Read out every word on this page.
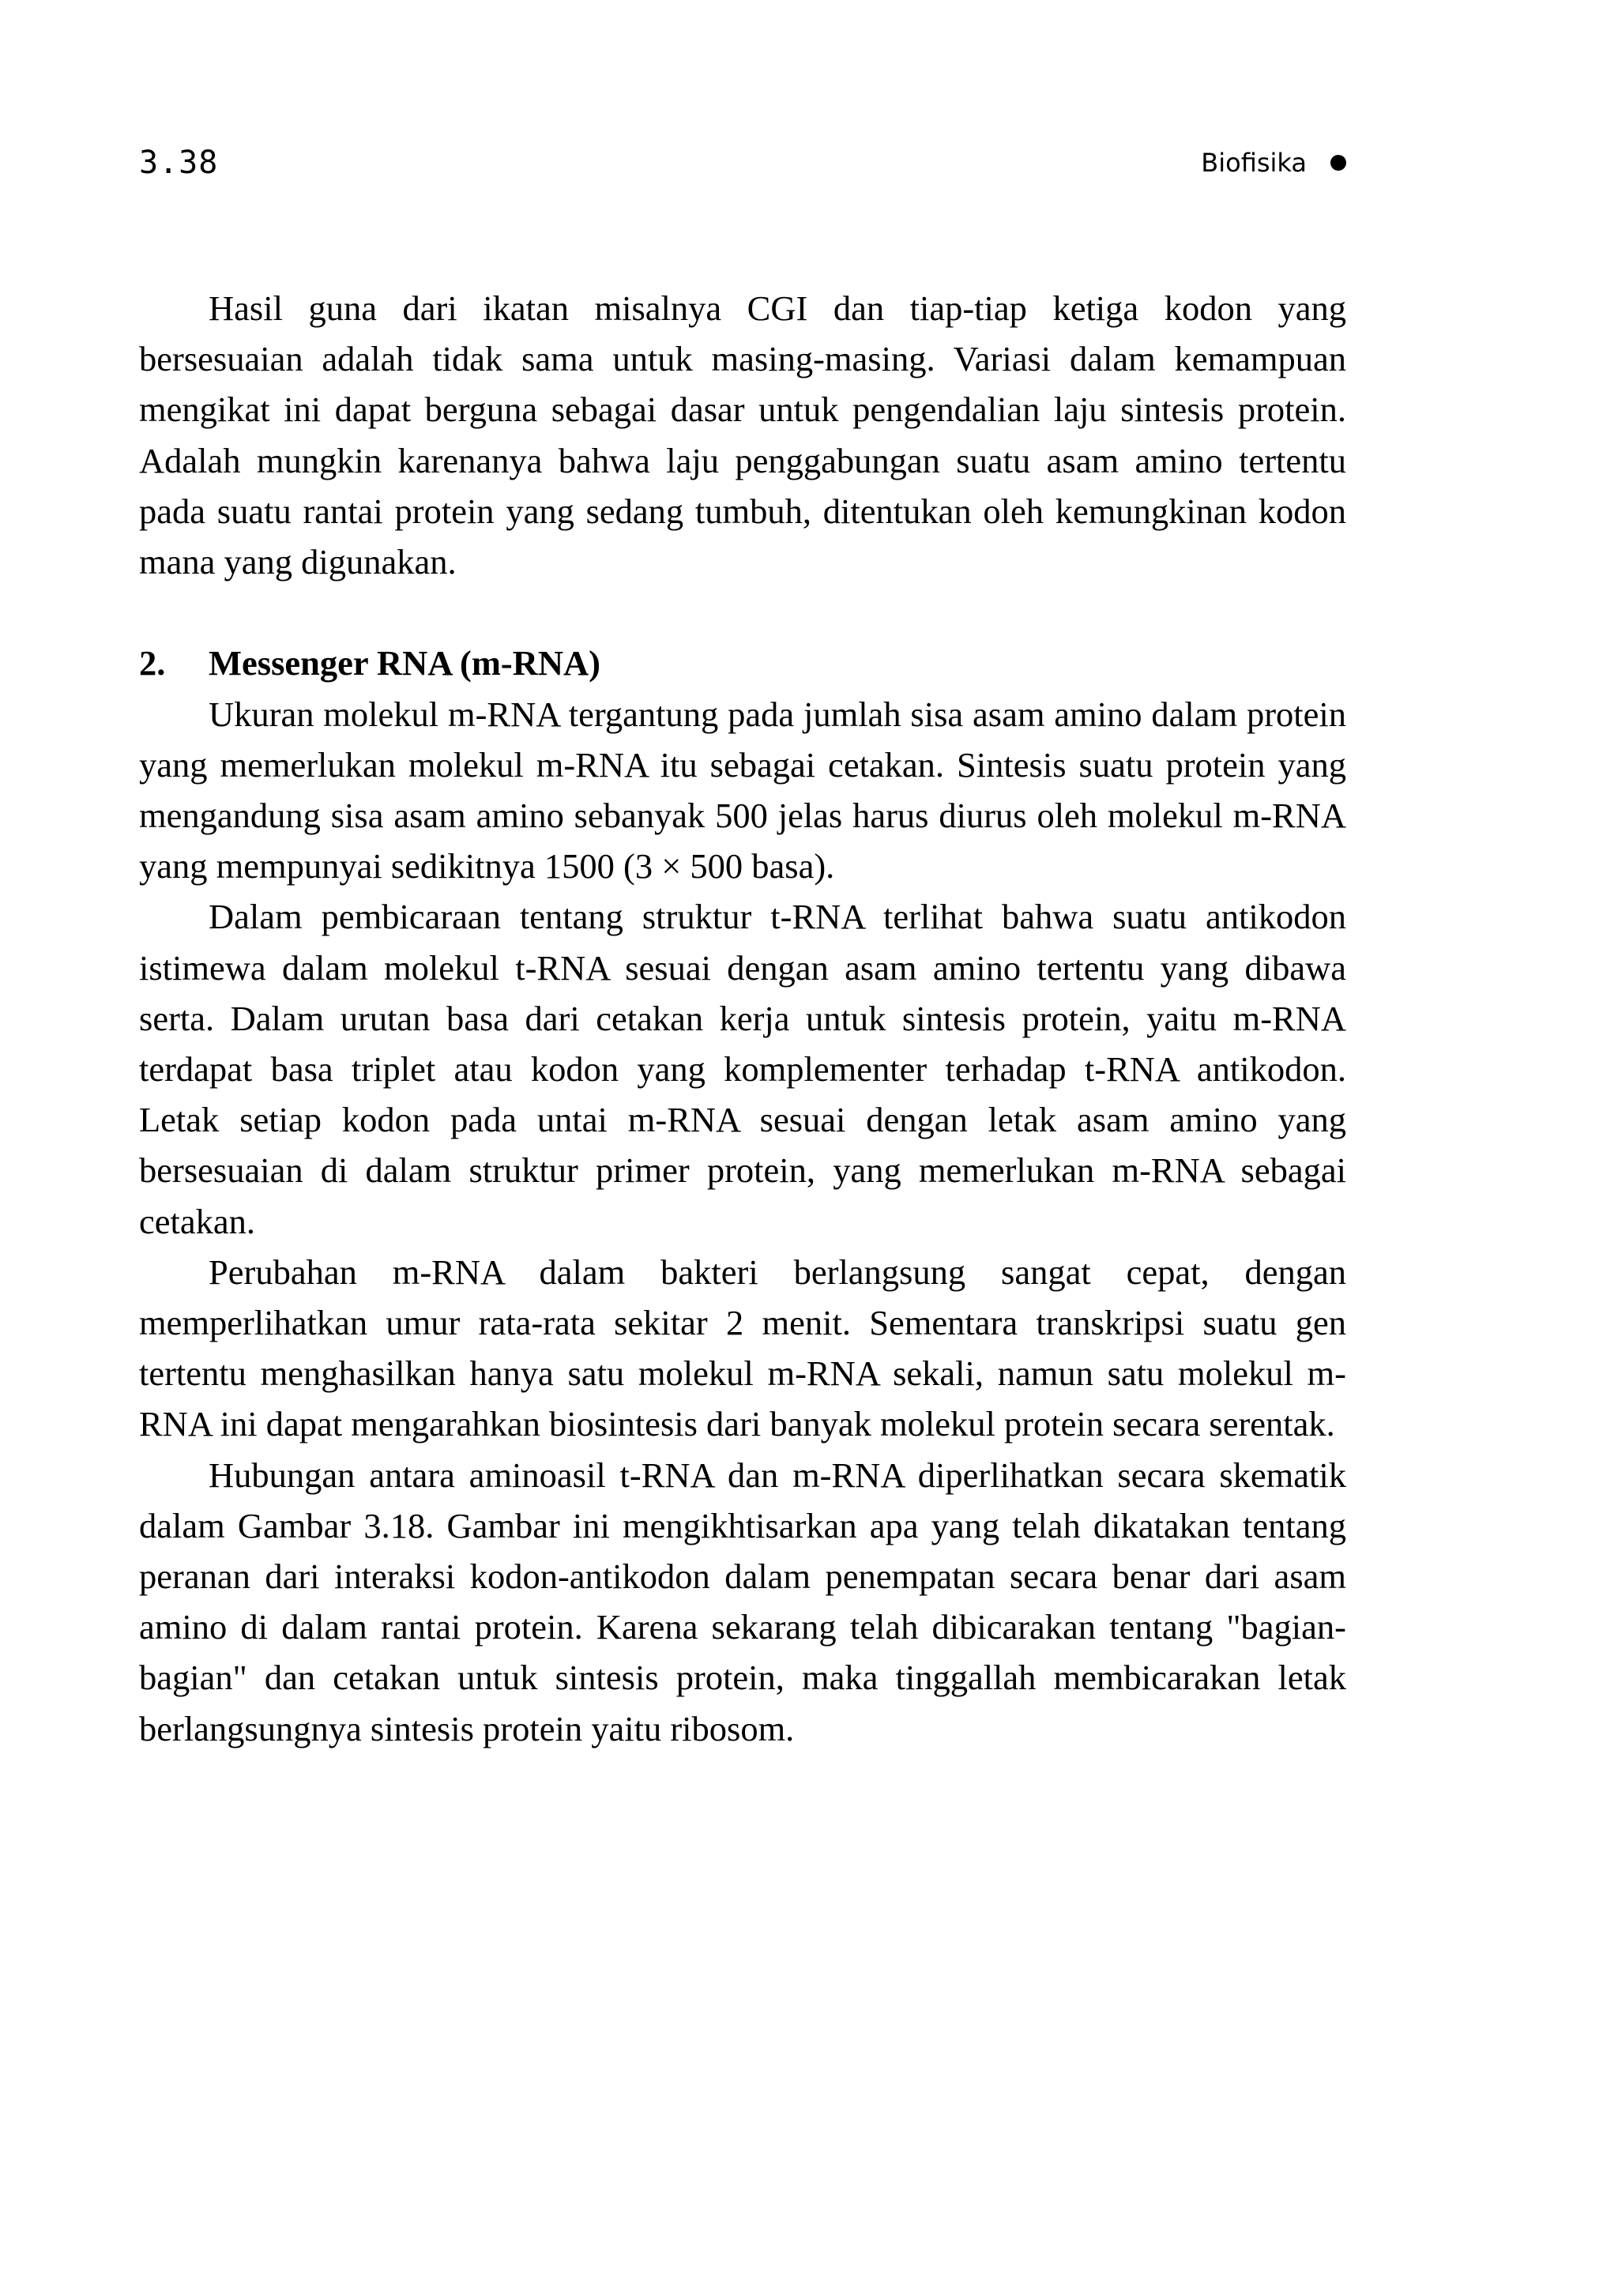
3.38	Biofisika

Hasil guna dari ikatan misalnya CGI dan tiap-tiap ketiga kodon yang bersesuaian adalah tidak sama untuk masing-masing. Variasi dalam kemampuan mengikat ini dapat berguna sebagai dasar untuk pengendalian laju sintesis protein. Adalah mungkin karenanya bahwa laju penggabungan suatu asam amino tertentu pada suatu rantai protein yang sedang tumbuh, ditentukan oleh kemungkinan kodon mana yang digunakan.

2.	Messenger RNA (m-RNA)

Ukuran molekul m-RNA tergantung pada jumlah sisa asam amino dalam protein yang memerlukan molekul m-RNA itu sebagai cetakan. Sintesis suatu protein yang mengandung sisa asam amino sebanyak 500 jelas harus diurus oleh molekul m-RNA yang mempunyai sedikitnya 1500 (3 × 500 basa).

Dalam pembicaraan tentang struktur t-RNA terlihat bahwa suatu antikodon istimewa dalam molekul t-RNA sesuai dengan asam amino tertentu yang dibawa serta. Dalam urutan basa dari cetakan kerja untuk sintesis protein, yaitu m-RNA terdapat basa triplet atau kodon yang komplementer terhadap t-RNA antikodon. Letak setiap kodon pada untai m-RNA sesuai dengan letak asam amino yang bersesuaian di dalam struktur primer protein, yang memerlukan m-RNA sebagai cetakan.

Perubahan m-RNA dalam bakteri berlangsung sangat cepat, dengan memperlihatkan umur rata-rata sekitar 2 menit. Sementara transkripsi suatu gen tertentu menghasilkan hanya satu molekul m-RNA sekali, namun satu molekul m-RNA ini dapat mengarahkan biosintesis dari banyak molekul protein secara serentak.

Hubungan antara aminoasil t-RNA dan m-RNA diperlihatkan secara skematik dalam Gambar 3.18. Gambar ini mengikhtisarkan apa yang telah dikatakan tentang peranan dari interaksi kodon-antikodon dalam penempatan secara benar dari asam amino di dalam rantai protein. Karena sekarang telah dibicarakan tentang "bagian-bagian" dan cetakan untuk sintesis protein, maka tinggallah membicarakan letak berlangsungnya sintesis protein yaitu ribosom.
